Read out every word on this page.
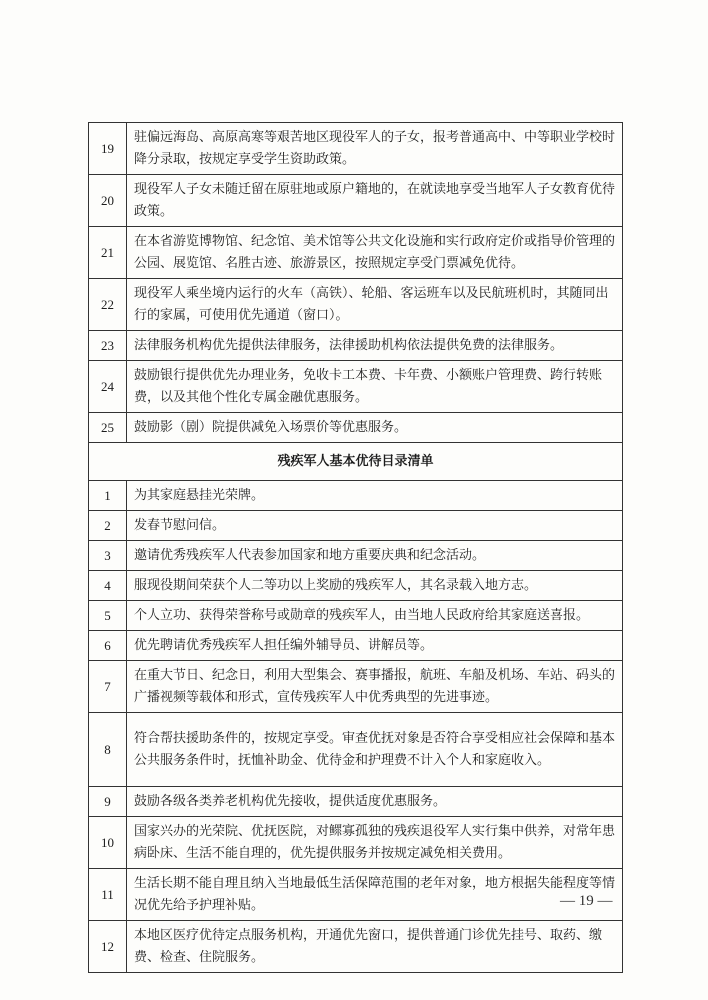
19	驻偏远海岛、高原高寒等艰苦地区现役军人的子女，报考普通高中、中等职业学校时降分录取，按规定享受学生资助政策。
20	现役军人子女未随迁留在原驻地或原户籍地的，在就读地享受当地军人子女教育优待政策。
21	在本省游览博物馆、纪念馆、美术馆等公共文化设施和实行政府定价或指导价管理的公园、展览馆、名胜古迹、旅游景区，按照规定享受门票减免优待。
22	现役军人乘坐境内运行的火车（高铁）、轮船、客运班车以及民航班机时，其随同出行的家属，可使用优先通道（窗口）。
23	法律服务机构优先提供法律服务，法律援助机构依法提供免费的法律服务。
24	鼓励银行提供优先办理业务，免收卡工本费、卡年费、小额账户管理费、跨行转账费，以及其他个性化专属金融优惠服务。
25	鼓励影（剧）院提供减免入场票价等优惠服务。
残疾军人基本优待目录清单	
1	为其家庭悬挂光荣牌。
2	发春节慰问信。
3	邀请优秀残疾军人代表参加国家和地方重要庆典和纪念活动。
4	服现役期间荣获个人二等功以上奖励的残疾军人，其名录载入地方志。
5	个人立功、获得荣誉称号或勋章的残疾军人，由当地人民政府给其家庭送喜报。
6	优先聘请优秀残疾军人担任编外辅导员、讲解员等。
7	在重大节日、纪念日，利用大型集会、赛事播报，航班、车船及机场、车站、码头的广播视频等载体和形式，宣传残疾军人中优秀典型的先进事迹。
8	符合帮扶援助条件的，按规定享受。审查优抚对象是否符合享受相应社会保障和基本公共服务条件时，抚恤补助金、优待金和护理费不计入个人和家庭收入。
9	鼓励各级各类养老机构优先接收，提供适度优惠服务。
10	国家兴办的光荣院、优抚医院，对鳏寡孤独的残疾退役军人实行集中供养，对常年患病卧床、生活不能自理的，优先提供服务并按规定减免相关费用。
11	生活长期不能自理且纳入当地最低生活保障范围的老年对象，地方根据失能程度等情况优先给予护理补贴。
12	本地区医疗优待定点服务机构，开通优先窗口，提供普通门诊优先挂号、取药、缴费、检查、住院服务。
— 19 —
